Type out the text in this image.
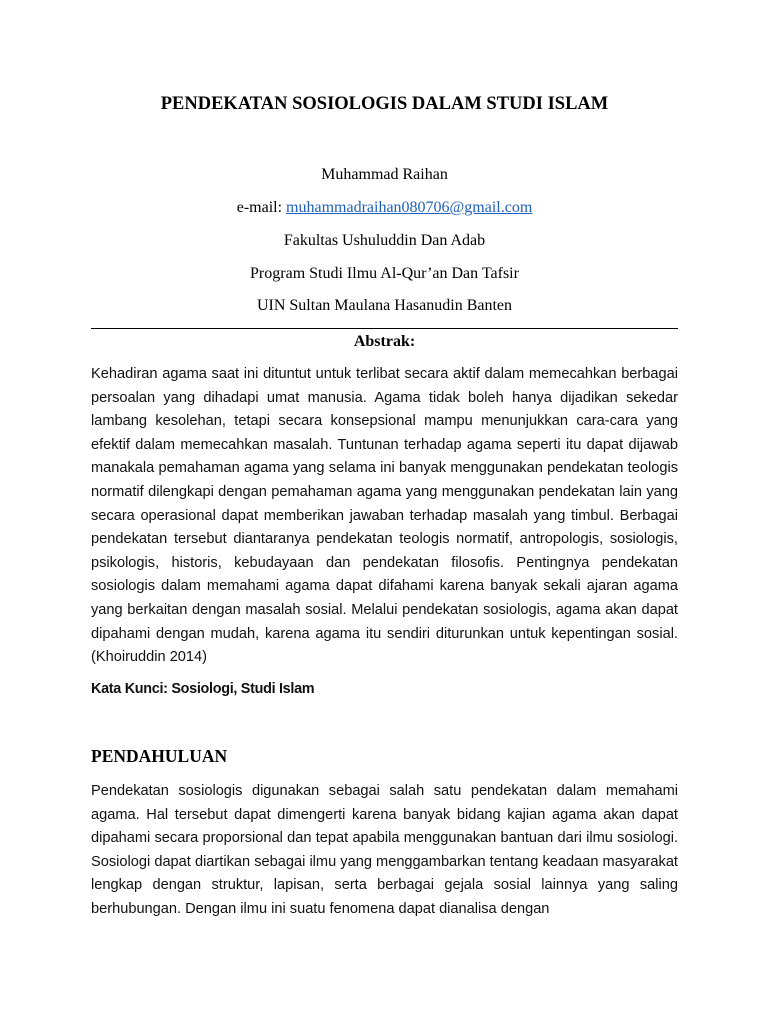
PENDEKATAN SOSIOLOGIS DALAM STUDI ISLAM
Muhammad Raihan
e-mail: muhammadraihan080706@gmail.com
Fakultas Ushuluddin Dan Adab
Program Studi Ilmu Al-Qur’an Dan Tafsir
UIN Sultan Maulana Hasanudin Banten
Abstrak:

Kehadiran agama saat ini dituntut untuk terlibat secara aktif dalam memecahkan berbagai persoalan yang dihadapi umat manusia. Agama tidak boleh hanya dijadikan sekedar lambang kesolehan, tetapi secara konsepsional mampu menunjukkan cara-cara yang efektif dalam memecahkan masalah. Tuntunan terhadap agama seperti itu dapat dijawab manakala pemahaman agama yang selama ini banyak menggunakan pendekatan teologis normatif dilengkapi dengan pemahaman agama yang menggunakan pendekatan lain yang secara operasional dapat memberikan jawaban terhadap masalah yang timbul. Berbagai pendekatan tersebut diantaranya pendekatan teologis normatif, antropologis, sosiologis, psikologis, historis, kebudayaan dan pendekatan filosofis. Pentingnya pendekatan sosiologis dalam memahami agama dapat difahami karena banyak sekali ajaran agama yang berkaitan dengan masalah sosial. Melalui pendekatan sosiologis, agama akan dapat dipahami dengan mudah, karena agama itu sendiri diturunkan untuk kepentingan sosial.(Khoiruddin 2014)

Kata Kunci: Sosiologi, Studi Islam
PENDAHULUAN

Pendekatan sosiologis digunakan sebagai salah satu pendekatan dalam memahami agama. Hal tersebut dapat dimengerti karena banyak bidang kajian agama akan dapat dipahami secara proporsional dan tepat apabila menggunakan bantuan dari ilmu sosiologi. Sosiologi dapat diartikan sebagai ilmu yang menggambarkan tentang keadaan masyarakat lengkap dengan struktur, lapisan, serta berbagai gejala sosial lainnya yang saling berhubungan. Dengan ilmu ini suatu fenomena dapat dianalisa dengan
